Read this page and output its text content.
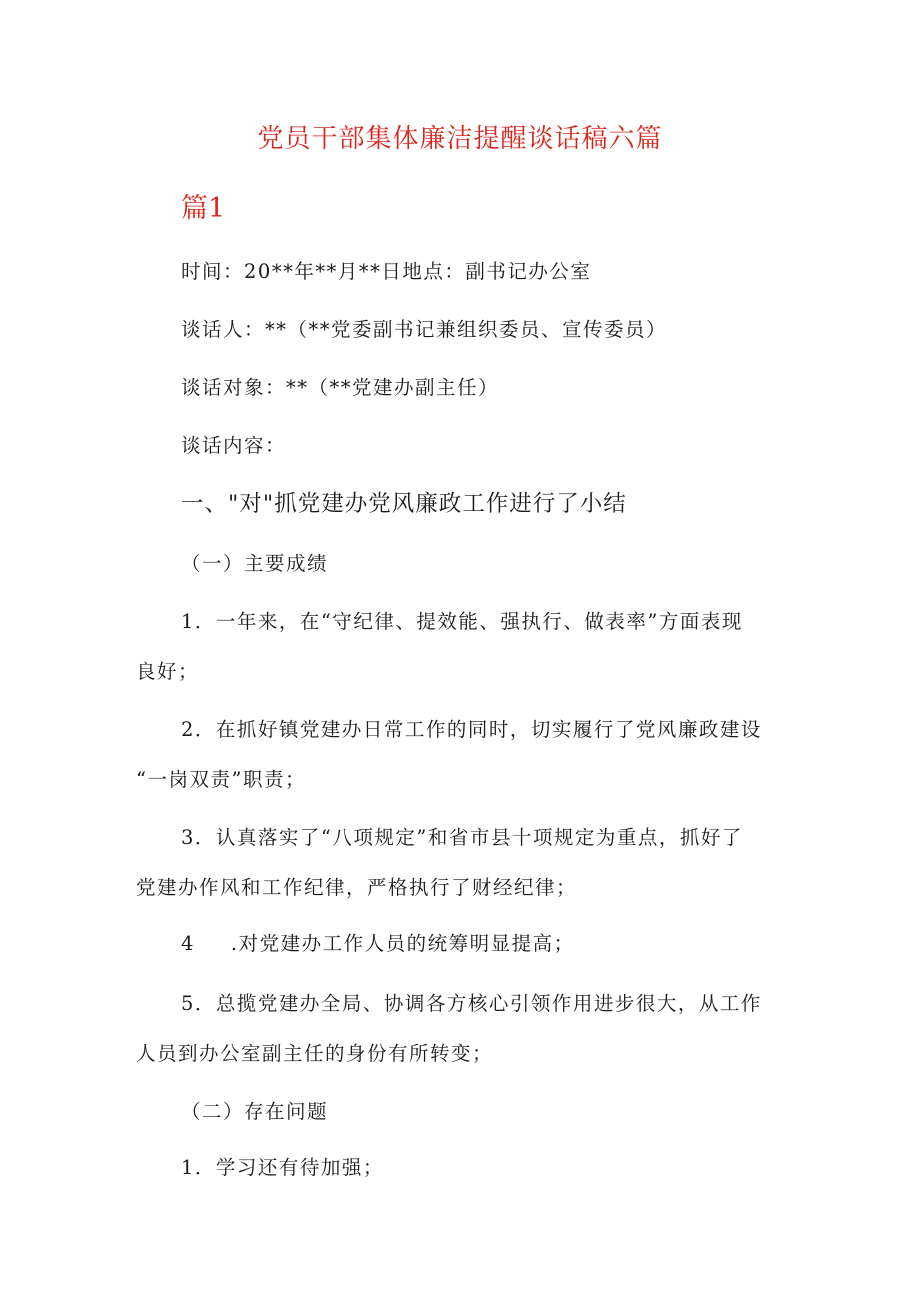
党员干部集体廉洁提醒谈话稿六篇
篇1
时间：20**年**月**日地点：副书记办公室
谈话人：**（**党委副书记兼组织委员、宣传委员）
谈话对象：**（**党建办副主任）
谈话内容：
一、"对"抓党建办党风廉政工作进行了小结
（一）主要成绩
1．一年来，在“守纪律、提效能、强执行、做表率”方面表现
良好；
2．在抓好镇党建办日常工作的同时，切实履行了党风廉政建设
“一岗双责”职责；
3．认真落实了“八项规定”和省市县十项规定为重点，抓好了
党建办作风和工作纪律，严格执行了财经纪律；
4 .对党建办工作人员的统筹明显提高；
5．总揽党建办全局、协调各方核心引领作用进步很大，从工作
人员到办公室副主任的身份有所转变；
（二）存在问题
1．学习还有待加强；
